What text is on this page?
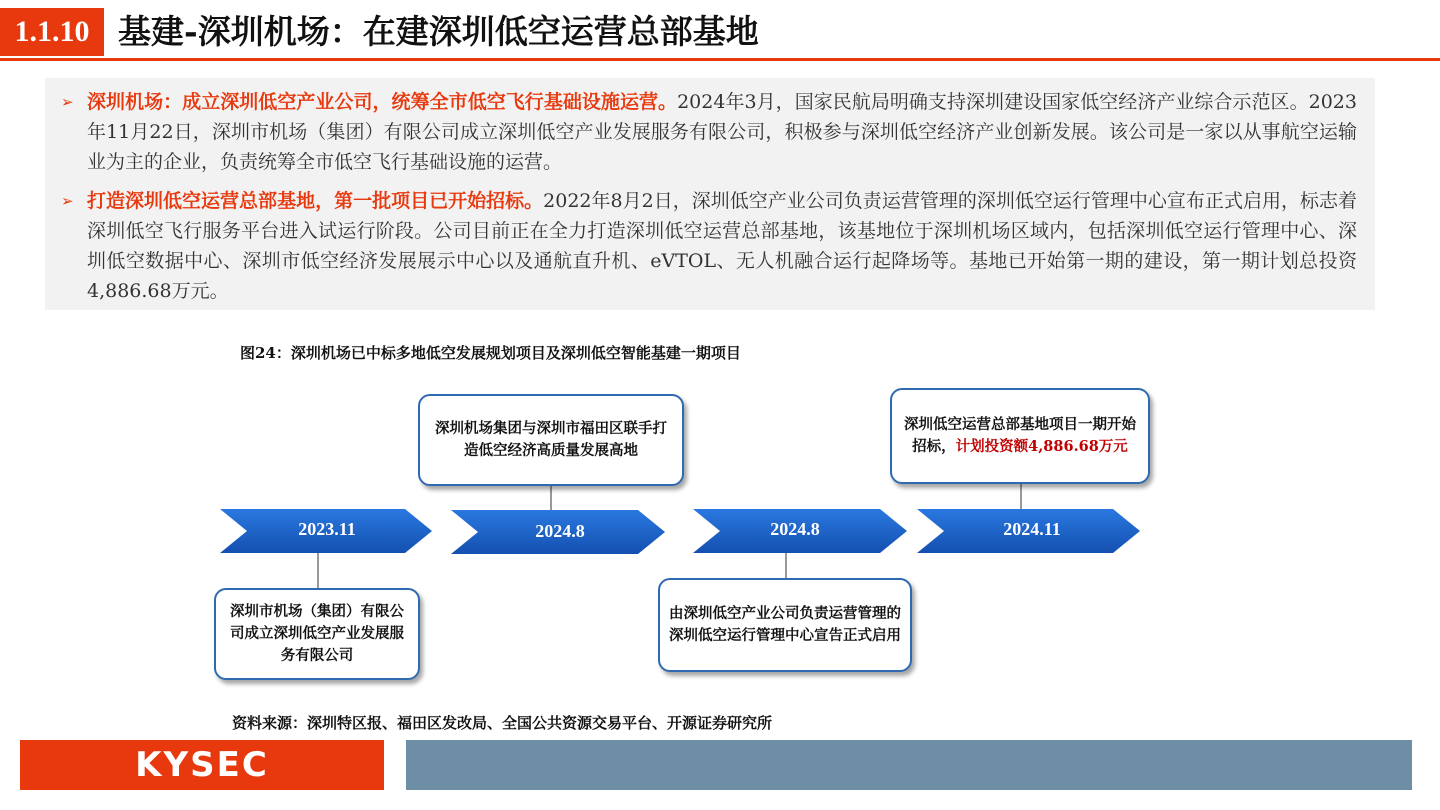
1.1.10 基建-深圳机场：在建深圳低空运营总部基地
➢ 深圳机场：成立深圳低空产业公司，统筹全市低空飞行基础设施运营。2024年3月，国家民航局明确支持深圳建设国家低空经济产业综合示范区。2023年11月22日，深圳市机场（集团）有限公司成立深圳低空产业发展服务有限公司，积极参与深圳低空经济产业创新发展。该公司是一家以从事航空运输业为主的企业，负责统筹全市低空飞行基础设施的运营。
➢ 打造深圳低空运营总部基地，第一批项目已开始招标。2022年8月2日，深圳低空产业公司负责运营管理的深圳低空运行管理中心宣布正式启用，标志着深圳低空飞行服务平台进入试运行阶段。公司目前正在全力打造深圳低空运营总部基地，该基地位于深圳机场区域内，包括深圳低空运行管理中心、深圳低空数据中心、深圳市低空经济发展展示中心以及通航直升机、eVTOL、无人机融合运行起降场等。基地已开始第一期的建设，第一期计划总投资4,886.68万元。
图24：深圳机场已中标多地低空发展规划项目及深圳低空智能基建一期项目
2023.11	2024.8	2024.8	2024.11
深圳市机场（集团）有限公司成立深圳低空产业发展服务有限公司
深圳机场集团与深圳市福田区联手打造低空经济高质量发展高地
由深圳低空产业公司负责运营管理的深圳低空运行管理中心宣告正式启用
深圳低空运营总部基地项目一期开始招标，计划投资额4,886.68万元
资料来源：深圳特区报、福田区发改局、全国公共资源交易平台、开源证券研究所
KYSEC
